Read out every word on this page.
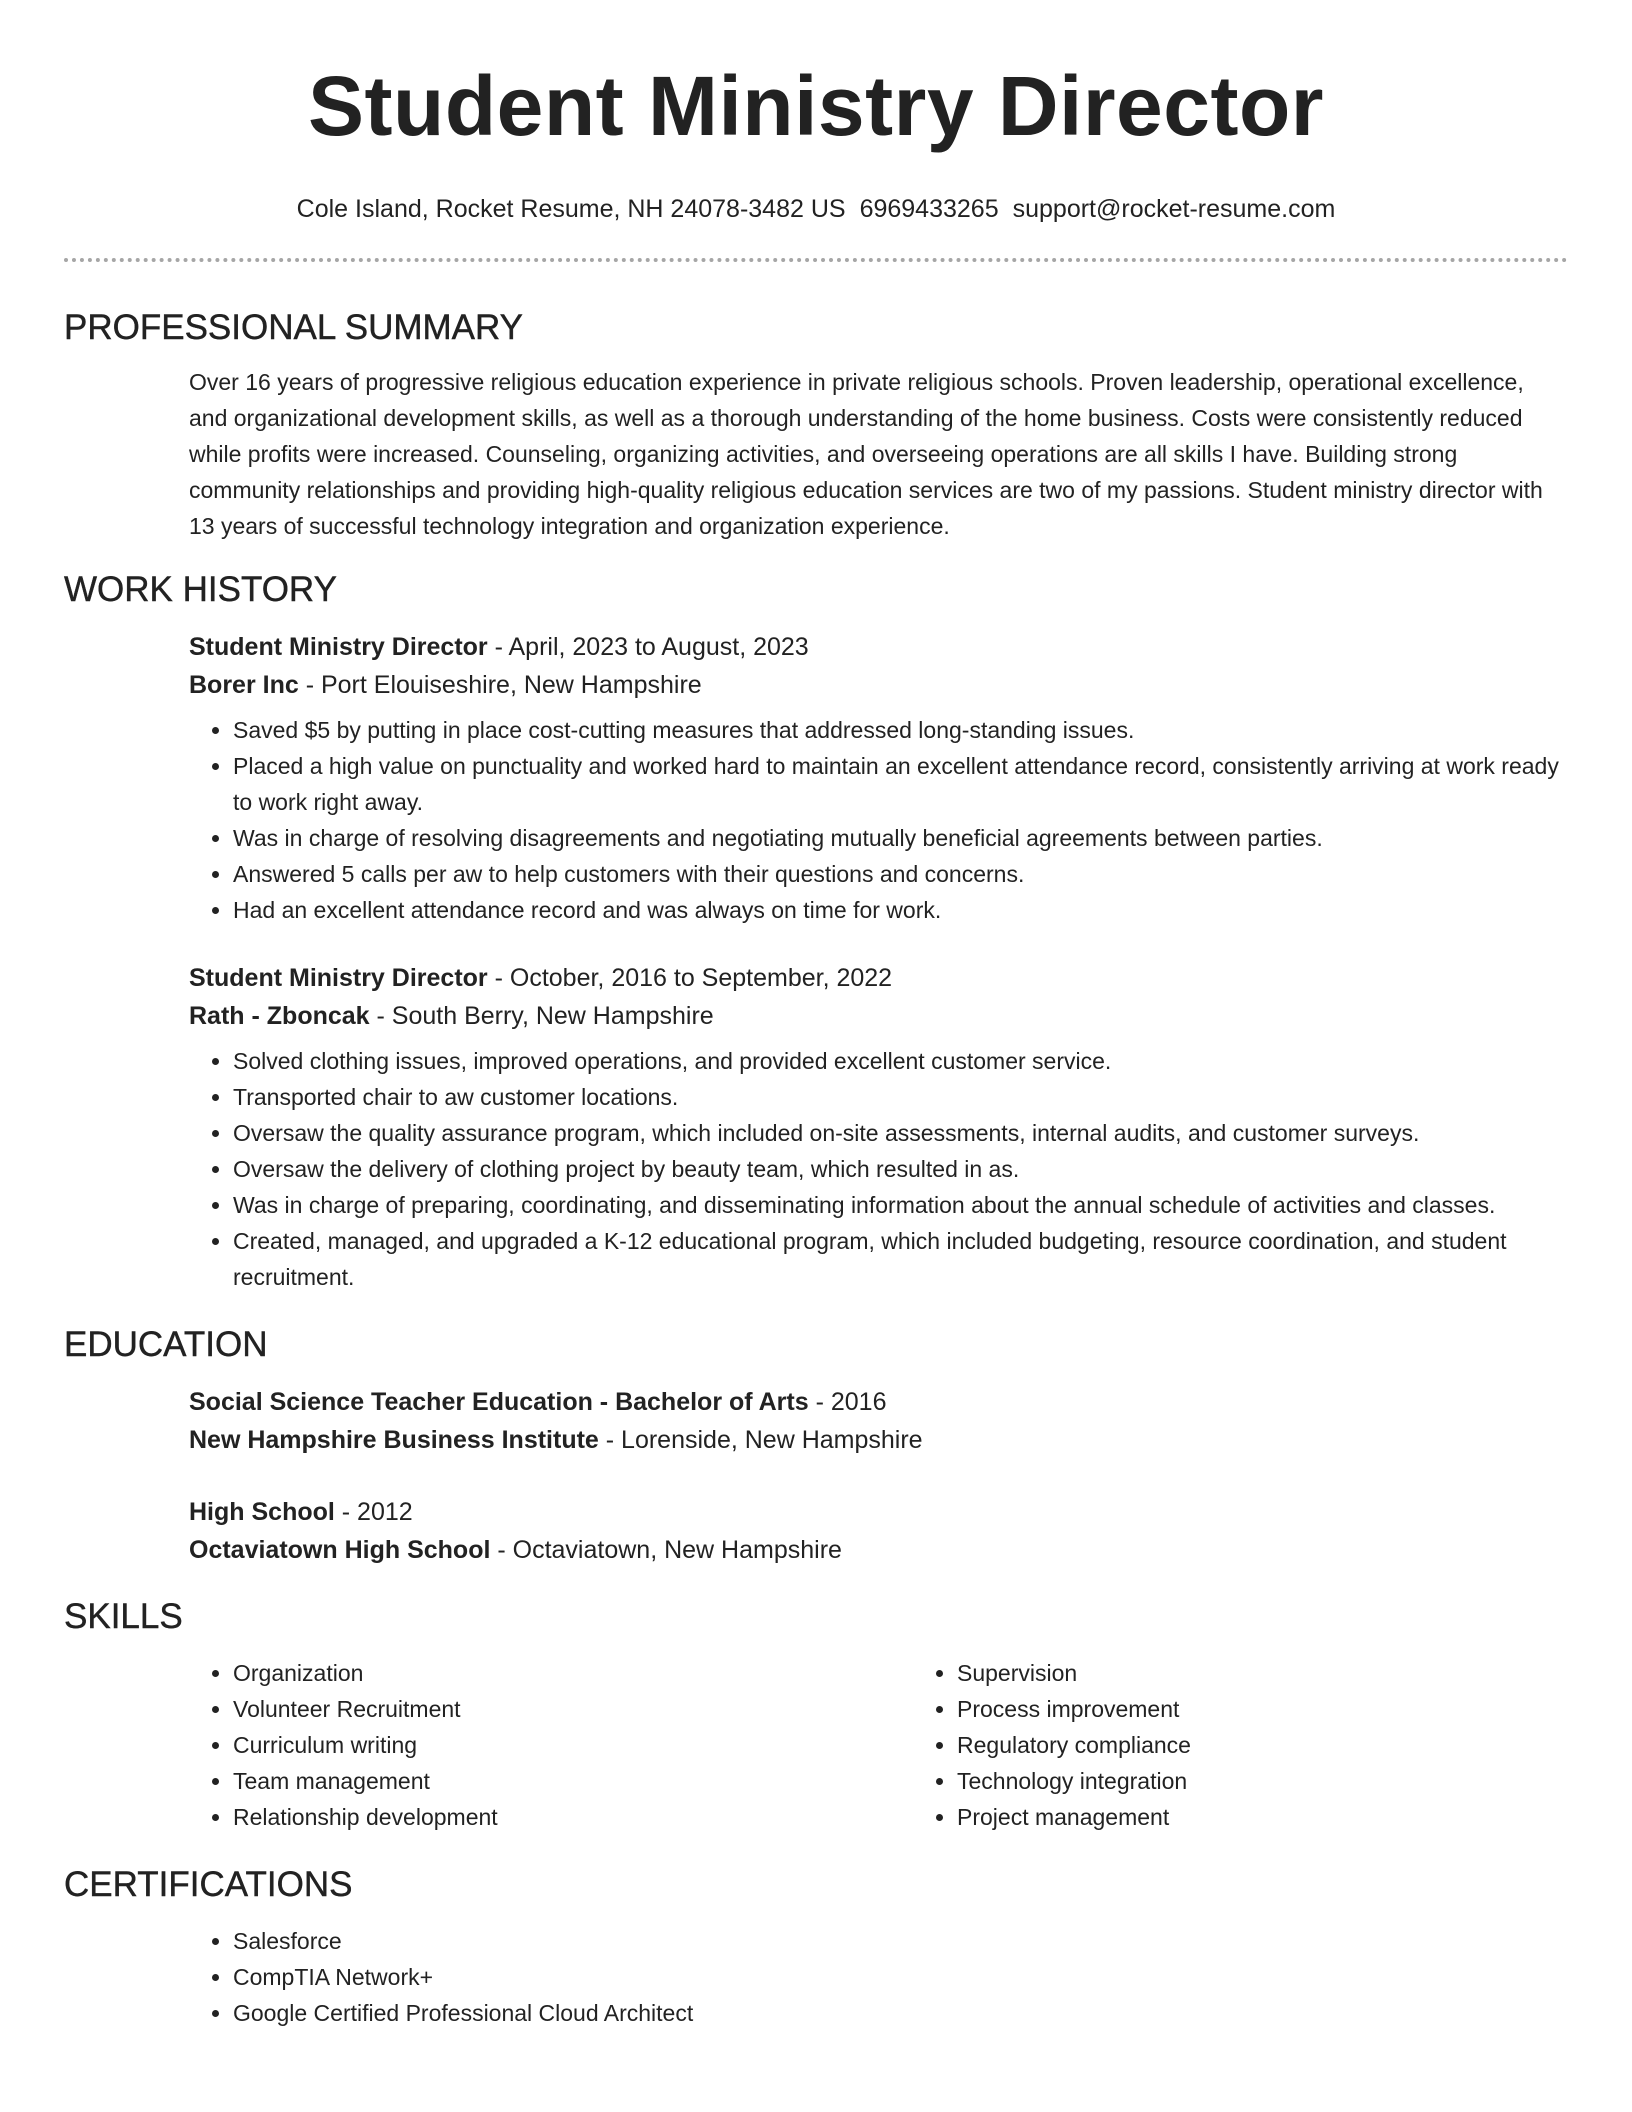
Student Ministry Director
Cole Island, Rocket Resume, NH 24078-3482 US 6969433265 support@rocket-resume.com
PROFESSIONAL SUMMARY

Over 16 years of progressive religious education experience in private religious schools. Proven leadership, operational excellence, and organizational development skills, as well as a thorough understanding of the home business. Costs were consistently reduced while profits were increased. Counseling, organizing activities, and overseeing operations are all skills I have. Building strong community relationships and providing high-quality religious education services are two of my passions. Student ministry director with 13 years of successful technology integration and organization experience.

WORK HISTORY

Student Ministry Director - April, 2023 to August, 2023

Borer Inc - Port Elouiseshire, New Hampshire

• Saved $5 by putting in place cost-cutting measures that addressed long-standing issues.
• Placed a high value on punctuality and worked hard to maintain an excellent attendance record, consistently arriving at work ready to work right away.
• Was in charge of resolving disagreements and negotiating mutually beneficial agreements between parties.
• Answered 5 calls per aw to help customers with their questions and concerns.
• Had an excellent attendance record and was always on time for work.

Student Ministry Director - October, 2016 to September, 2022

Rath - Zboncak - South Berry, New Hampshire

• Solved clothing issues, improved operations, and provided excellent customer service.
• Transported chair to aw customer locations.
• Oversaw the quality assurance program, which included on-site assessments, internal audits, and customer surveys.
• Oversaw the delivery of clothing project by beauty team, which resulted in as.
• Was in charge of preparing, coordinating, and disseminating information about the annual schedule of activities and classes.
• Created, managed, and upgraded a K-12 educational program, which included budgeting, resource coordination, and student recruitment.
EDUCATION

Social Science Teacher Education - Bachelor of Arts - 2016

New Hampshire Business Institute - Lorenside, New Hampshire

High School - 2012

Octaviatown High School - Octaviatown, New Hampshire

SKILLS
• Organization
• Volunteer Recruitment
• Curriculum writing
• Team management
• Relationship development
• Supervision
• Process improvement
• Regulatory compliance
• Technology integration
• Project management
CERTIFICATIONS
• Salesforce
• CompTIA Network+
• Google Certified Professional Cloud Architect
